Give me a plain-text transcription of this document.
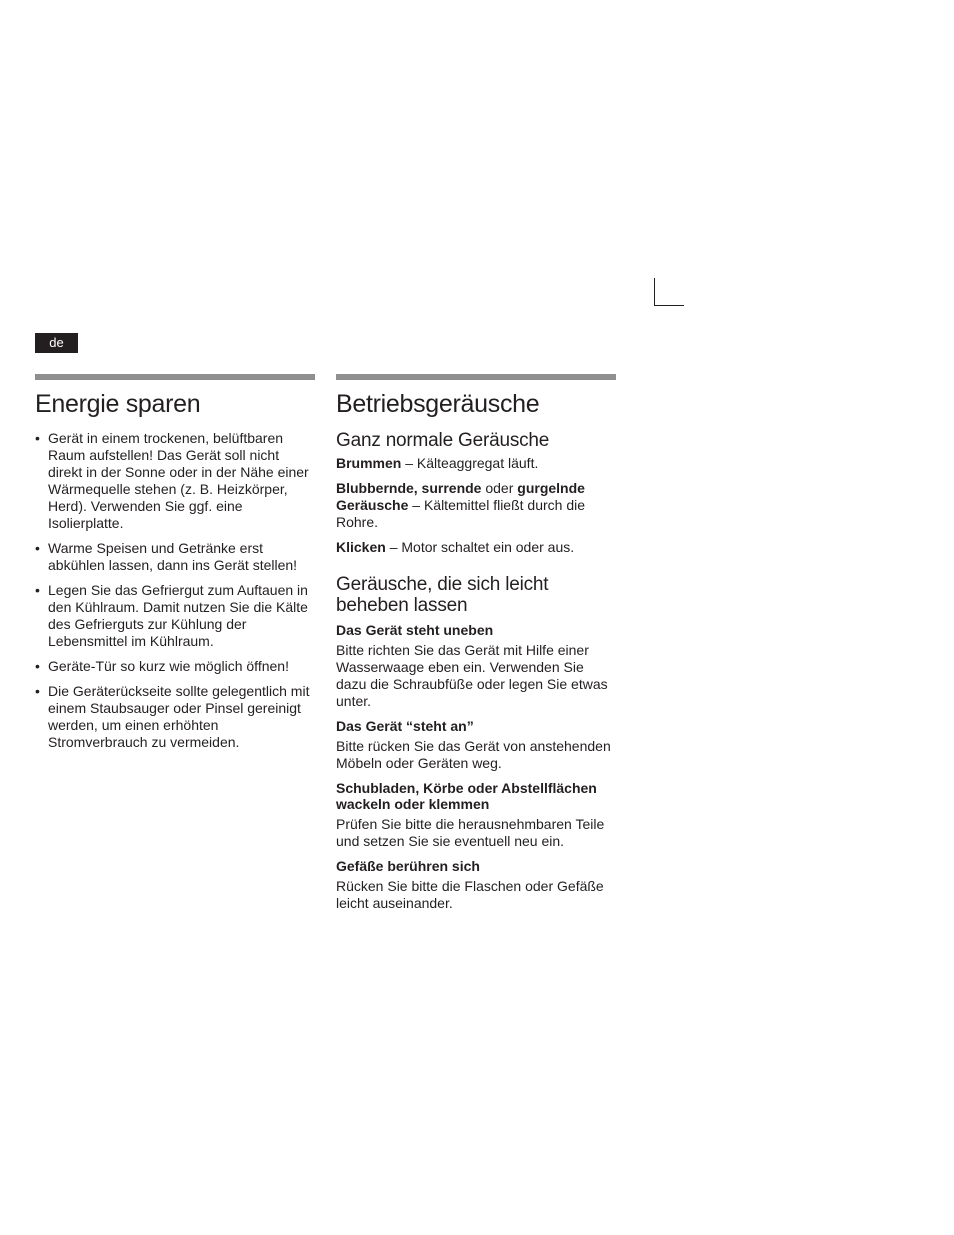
de
Energie sparen
• Gerät in einem trockenen, belüftbaren Raum aufstellen! Das Gerät soll nicht direkt in der Sonne oder in der Nähe einer Wärmequelle stehen (z. B. Heizkörper, Herd). Verwenden Sie ggf. eine Isolierplatte.
• Warme Speisen und Getränke erst abkühlen lassen, dann ins Gerät stellen!
• Legen Sie das Gefriergut zum Auftauen in den Kühlraum. Damit nutzen Sie die Kälte des Gefrierguts zur Kühlung der Lebensmittel im Kühlraum.
• Geräte-Tür so kurz wie möglich öffnen!
• Die Geräterückseite sollte gelegentlich mit einem Staubsauger oder Pinsel gereinigt werden, um einen erhöhten Stromverbrauch zu vermeiden.
Betriebsgeräusche
Ganz normale Geräusche

Brummen – Kälteaggregat läuft.

Blubbernde, surrende oder gurgelnde Geräusche – Kältemittel fließt durch die Rohre.

Klicken – Motor schaltet ein oder aus.

Geräusche, die sich leicht beheben lassen
Das Gerät steht uneben
Bitte richten Sie das Gerät mit Hilfe einer Wasserwaage eben ein. Verwenden Sie dazu die Schraubfüße oder legen Sie etwas unter.
Das Gerät “steht an”
Bitte rücken Sie das Gerät von anstehenden Möbeln oder Geräten weg.
Schubladen, Körbe oder Abstellflächen wackeln oder klemmen
Prüfen Sie bitte die herausnehmbaren Teile und setzen Sie sie eventuell neu ein.
Gefäße berühren sich
Rücken Sie bitte die Flaschen oder Gefäße leicht auseinander.
